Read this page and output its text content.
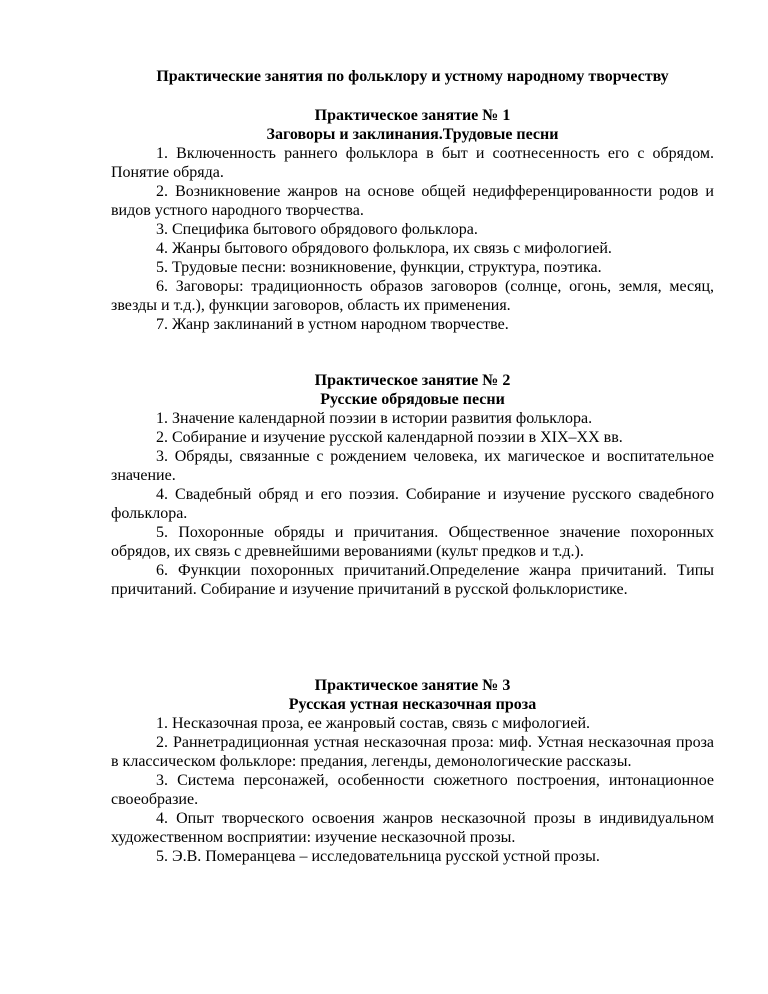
Практические занятия по фольклору и устному народному творчеству
Практическое занятие № 1
Заговоры и заклинания.Трудовые песни
1. Включенность раннего фольклора в быт и соотнесенность его с обрядом. Понятие обряда.
2. Возникновение жанров на основе общей недифференцированности родов и видов устного народного творчества.
3. Специфика бытового обрядового фольклора.
4. Жанры бытового обрядового фольклора, их связь с мифологией.
5. Трудовые песни: возникновение, функции, структура, поэтика.
6. Заговоры: традиционность образов заговоров (солнце, огонь, земля, месяц, звезды и т.д.), функции заговоров, область их применения.
7. Жанр заклинаний в устном народном творчестве.
Практическое занятие № 2
Русские обрядовые песни
1. Значение календарной поэзии в истории развития фольклора.
2. Собирание и изучение русской календарной поэзии в XIX–XX вв.
3. Обряды, связанные с рождением человека, их магическое и воспитательное значение.
4. Свадебный обряд и его поэзия. Собирание и изучение русского свадебного фольклора.
5. Похоронные обряды и причитания. Общественное значение похоронных обрядов, их связь с древнейшими верованиями (культ предков и т.д.).
6. Функции похоронных причитаний.Определение жанра причитаний. Типы причитаний. Собирание и изучение причитаний в русской фольклористике.
Практическое занятие № 3
Русская устная несказочная проза
1. Несказочная проза, ее жанровый состав, связь с мифологией.
2. Раннетрадиционная устная несказочная проза: миф. Устная несказочная проза в классическом фольклоре: предания, легенды, демонологические рассказы.
3. Система персонажей, особенности сюжетного построения, интонационное своеобразие.
4. Опыт творческого освоения жанров несказочной прозы в индивидуальном художественном восприятии: изучение несказочной прозы.
5. Э.В. Померанцева – исследовательница русской устной прозы.
